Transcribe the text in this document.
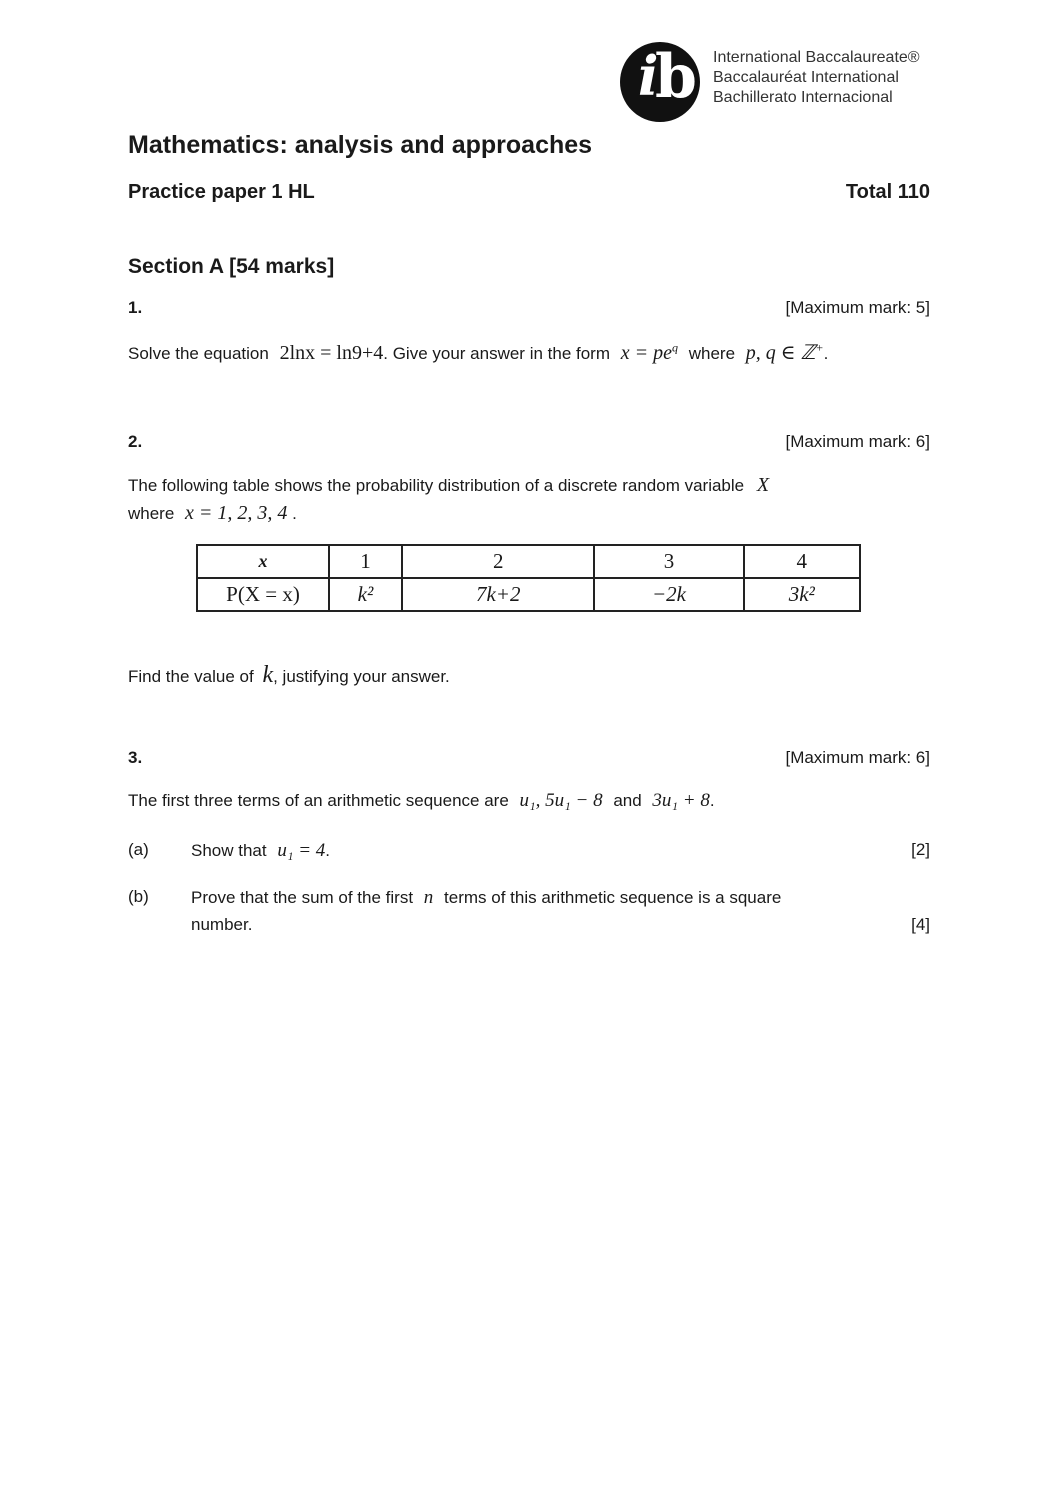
i
b International Baccalaureate®
Baccalauréat International
Bachillerato Internacional
Mathematics: analysis and approaches
Practice paper 1 HL	Total 110
Section A [54 marks]
1.	[Maximum mark: 5]
Solve the equation 2lnx = ln9+4. Give your answer in the form $x = pe^q$ where p, q ∈ ℤ+.
2.	[Maximum mark: 6]
The following table shows the probability distribution of a discrete random variable X
where x = 1, 2, 3, 4 .
x	1	2	3	4
P(X = x)	k²	7k+2	−2k	3k²
Find the value of k, justifying your answer.
3.	[Maximum mark: 6]
The first three terms of an arithmetic sequence are u₁, 5u₁ − 8 and 3u₁ + 8.
(a) Show that u₁ = 4.	[2]
(b) Prove that the sum of the first n terms of this arithmetic sequence is a square
number.	[4]
